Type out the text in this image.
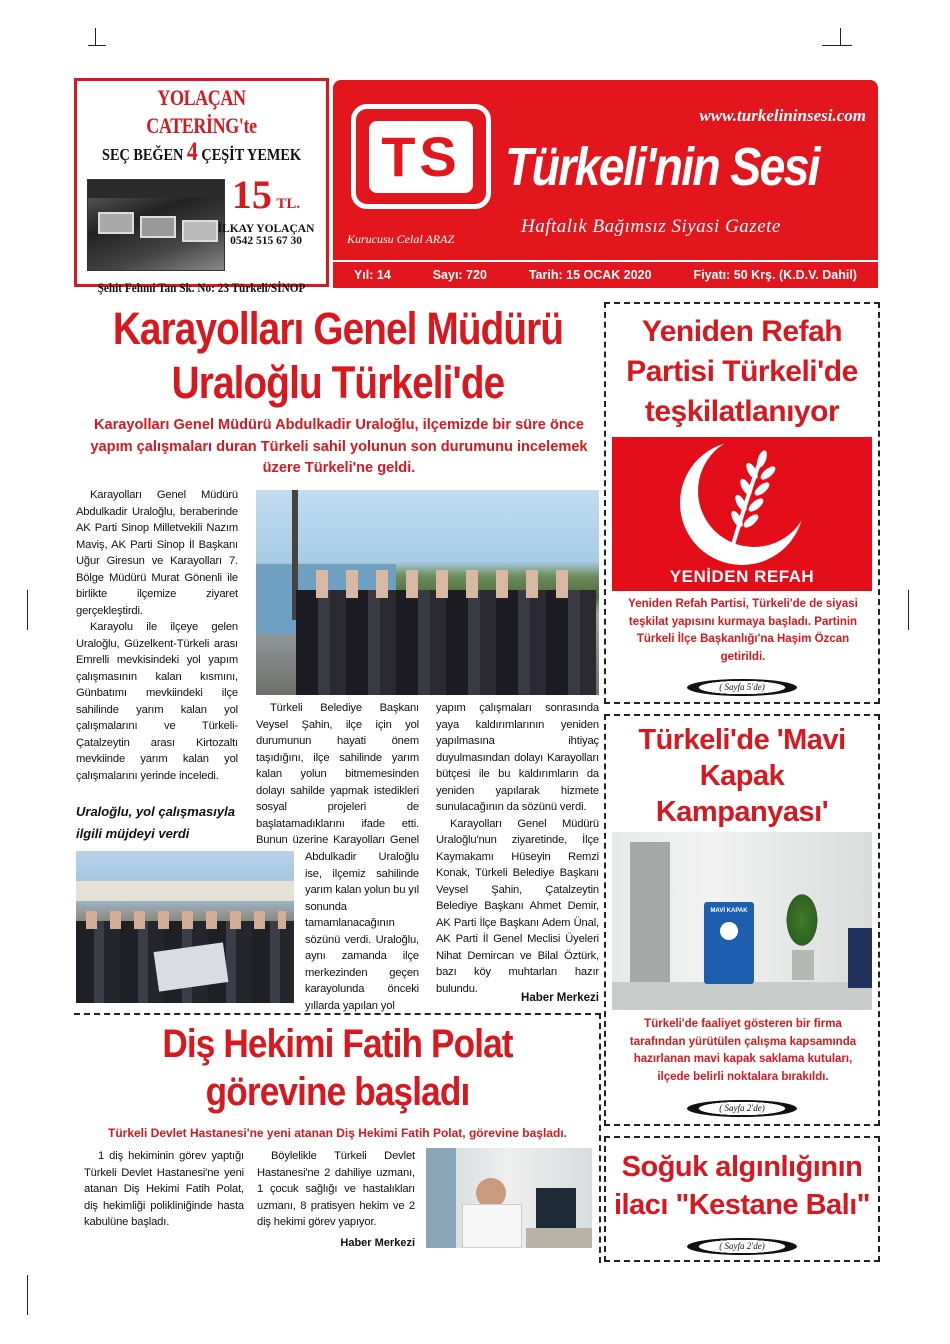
YOLAÇAN CATERİNG'te
SEÇ BEĞEN 4 ÇEŞİT YEMEK
15 TL.
İLKAY YOLAÇAN
0542 515 67 30
Şehit Fehmi Tan Sk. No: 23 Türkeli/SİNOP
TS
Kurucusu Celal ARAZ
www.turkelininsesi.com
Türkeli'nin Sesi
Haftalık Bağımsız Siyasi Gazete
Yıl: 14	Sayı: 720	Tarih: 15 OCAK 2020	Fiyatı: 50 Krş. (K.D.V. Dahil)
Karayolları Genel Müdürü
Uraloğlu Türkeli'de
Karayolları Genel Müdürü Abdulkadir Uraloğlu, ilçemizde bir süre önce yapım çalışmaları duran Türkeli sahil yolunun son durumunu incelemek üzere Türkeli'ne geldi.

Karayolları Genel Müdürü Abdulkadir Uraloğlu, beraberinde AK Parti Sinop Milletvekili Nazım Maviş, AK Parti Sinop İl Başkanı Uğur Giresun ve Karayolları 7. Bölge Müdürü Murat Gönenli ile birlikte ilçemize ziyaret gerçekleştirdi.

Karayolu ile ilçeye gelen Uraloğlu, Güzelkent-Türkeli arası Emrelli mevkisindeki yol yapım çalışmasının kalan kısmını, Günbatımı mevkiindeki ilçe sahilinde yarım kalan yol çalışmalarını ve Türkeli-Çatalzeytin arası Kirtozaltı mevkiinde yarım kalan yol çalışmalarını yerinde inceledi.

Uraloğlu, yol çalışmasıyla ilgili müjdeyi verdi

Türkeli Belediye Başkanı Veysel Şahin, ilçe için yol durumunun hayati önem taşıdığını, ilçe sahilinde yarım kalan yolun bitmemesinden dolayı sahilde yapmak istedikleri sosyal projeleri de başlatamadıklarını ifade etti. Bunun üzerine Karayolları Genel

Abdulkadir Uraloğlu ise, ilçemiz sahilinde yarım kalan yolun bu yıl sonunda tamamlanacağının sözünü verdi. Uraloğlu, aynı zamanda ilçe merkezinden geçen karayolunda önceki yıllarda yapılan yol
yapım çalışmaları sonrasında yaya kaldırımlarının yeniden yapılmasına ihtiyaç duyulmasından dolayı Karayolları bütçesi ile bu kaldırımların da yeniden yapılarak hizmete sunulacağının da sözünü verdi.

Karayolları Genel Müdürü Uraloğlu'nun ziyaretinde, İlçe Kaymakamı Hüseyin Remzi Konak, Türkeli Belediye Başkanı Veysel Şahin, Çatalzeytin Belediye Başkanı Ahmet Demir, AK Parti İlçe Başkanı Adem Ünal, AK Parti İl Genel Meclisi Üyeleri Nihat Demircan ve Bilal Öztürk, bazı köy muhtarları hazır bulundu.

Haber Merkezi
Yeniden Refah Partisi Türkeli'de teşkilatlanıyor
YENİDEN REFAH
Yeniden Refah Partisi, Türkeli'de de siyasi teşkilat yapısını kurmaya başladı. Partinin Türkeli İlçe Başkanlığı'na Haşim Özcan getirildi.
( Sayfa 5'de)
Türkeli'de 'Mavi Kapak Kampanyası'
MAVİ KAPAK
Türkeli'de faaliyet gösteren bir firma tarafından yürütülen çalışma kapsamında hazırlanan mavi kapak saklama kutuları, ilçede belirli noktalara bırakıldı.
( Sayfa 2'de)
Diş Hekimi Fatih Polat
görevine başladı
Türkeli Devlet Hastanesi'ne yeni atanan Diş Hekimi Fatih Polat, görevine başladı.

1 diş hekiminin görev yaptığı Türkeli Devlet Hastanesi'ne yeni atanan Diş Hekimi Fatih Polat, diş hekimliği polikliniğinde hasta kabulüne başladı.

Böylelikle Türkeli Devlet Hastanesi'ne 2 dahiliye uzmanı, 1 çocuk sağlığı ve hastalıkları uzmanı, 8 pratisyen hekim ve 2 diş hekimi görev yapıyor.

Haber Merkezi
Soğuk algınlığının
ilacı "Kestane Balı"
( Sayfa 2'de)
